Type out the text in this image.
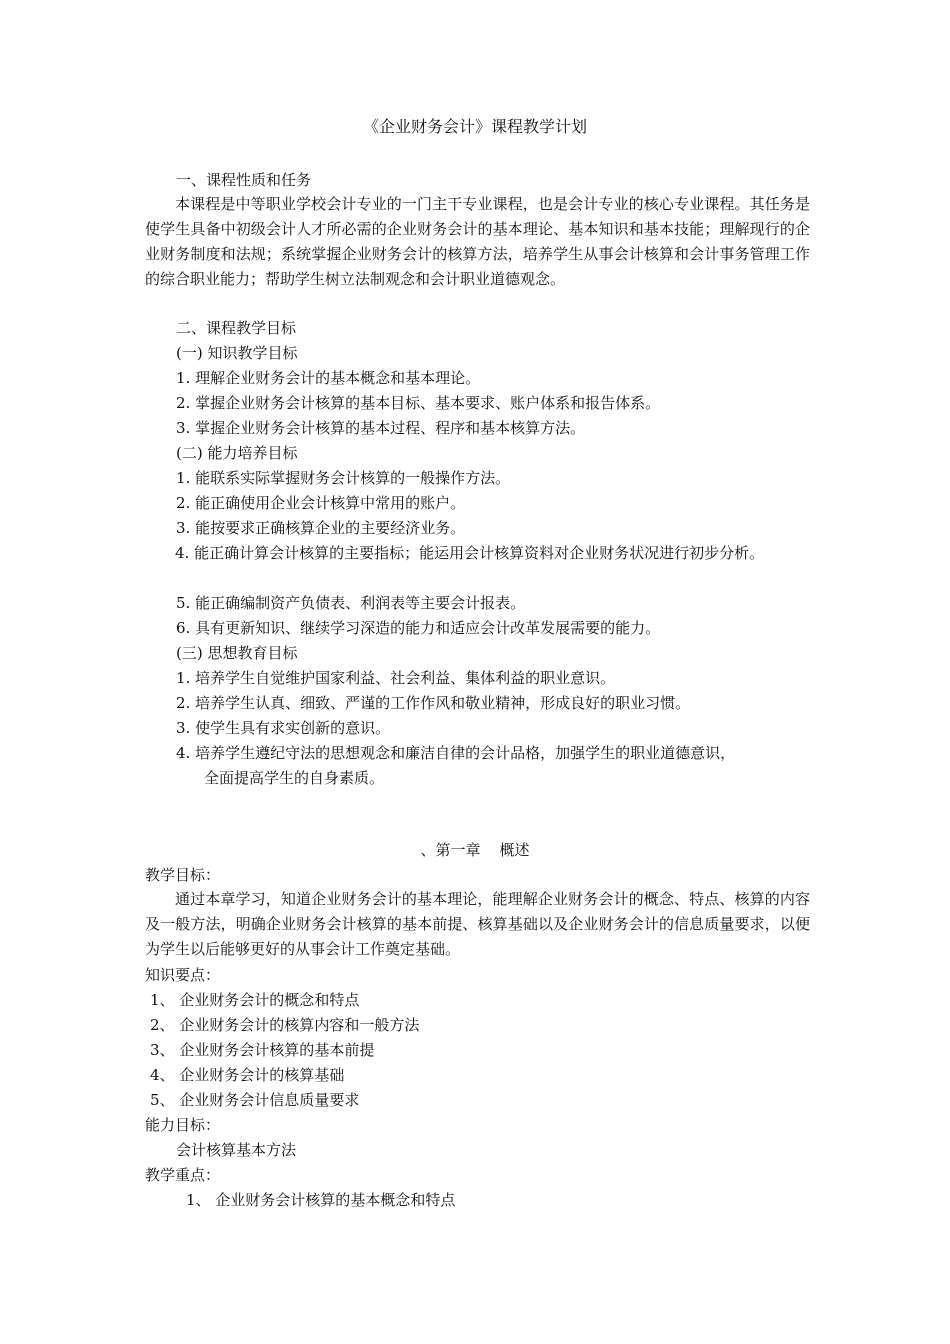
《企业财务会计》课程教学计划
一、课程性质和任务

本课程是中等职业学校会计专业的一门主干专业课程，也是会计专业的核心专业课程。其任务是使学生具备中初级会计人才所必需的企业财务会计的基本理论、基本知识和基本技能；理解现行的企业财务制度和法规；系统掌握企业财务会计的核算方法，培养学生从事会计核算和会计事务管理工作的综合职业能力；帮助学生树立法制观念和会计职业道德观念。

二、课程教学目标
(一) 知识教学目标
1. 理解企业财务会计的基本概念和基本理论。
2. 掌握企业财务会计核算的基本目标、基本要求、账户体系和报告体系。
3. 掌握企业财务会计核算的基本过程、程序和基本核算方法。
(二) 能力培养目标
1. 能联系实际掌握财务会计核算的一般操作方法。
2. 能正确使用企业会计核算中常用的账户。
3. 能按要求正确核算企业的主要经济业务。

4. 能正确计算会计核算的主要指标；能运用会计核算资料对企业财务状况进行初步分析。

5. 能正确编制资产负债表、利润表等主要会计报表。
6. 具有更新知识、继续学习深造的能力和适应会计改革发展需要的能力。
(三) 思想教育目标
1. 培养学生自觉维护国家利益、社会利益、集体利益的职业意识。
2. 培养学生认真、细致、严谨的工作作风和敬业精神，形成良好的职业习惯。
3. 使学生具有求实创新的意识。
4. 培养学生遵纪守法的思想观念和廉洁自律的会计品格，加强学生的职业道德意识，
全面提高学生的自身素质。
、第一章    概述
教学目标：

通过本章学习，知道企业财务会计的基本理论，能理解企业财务会计的概念、特点、核算的内容及一般方法，明确企业财务会计核算的基本前提、核算基础以及企业财务会计的信息质量要求，以便为学生以后能够更好的从事会计工作奠定基础。

知识要点：
1、 企业财务会计的概念和特点
2、 企业财务会计的核算内容和一般方法
3、 企业财务会计核算的基本前提
4、 企业财务会计的核算基础
5、 企业财务会计信息质量要求
能力目标：
会计核算基本方法
教学重点：
1、 企业财务会计核算的基本概念和特点
